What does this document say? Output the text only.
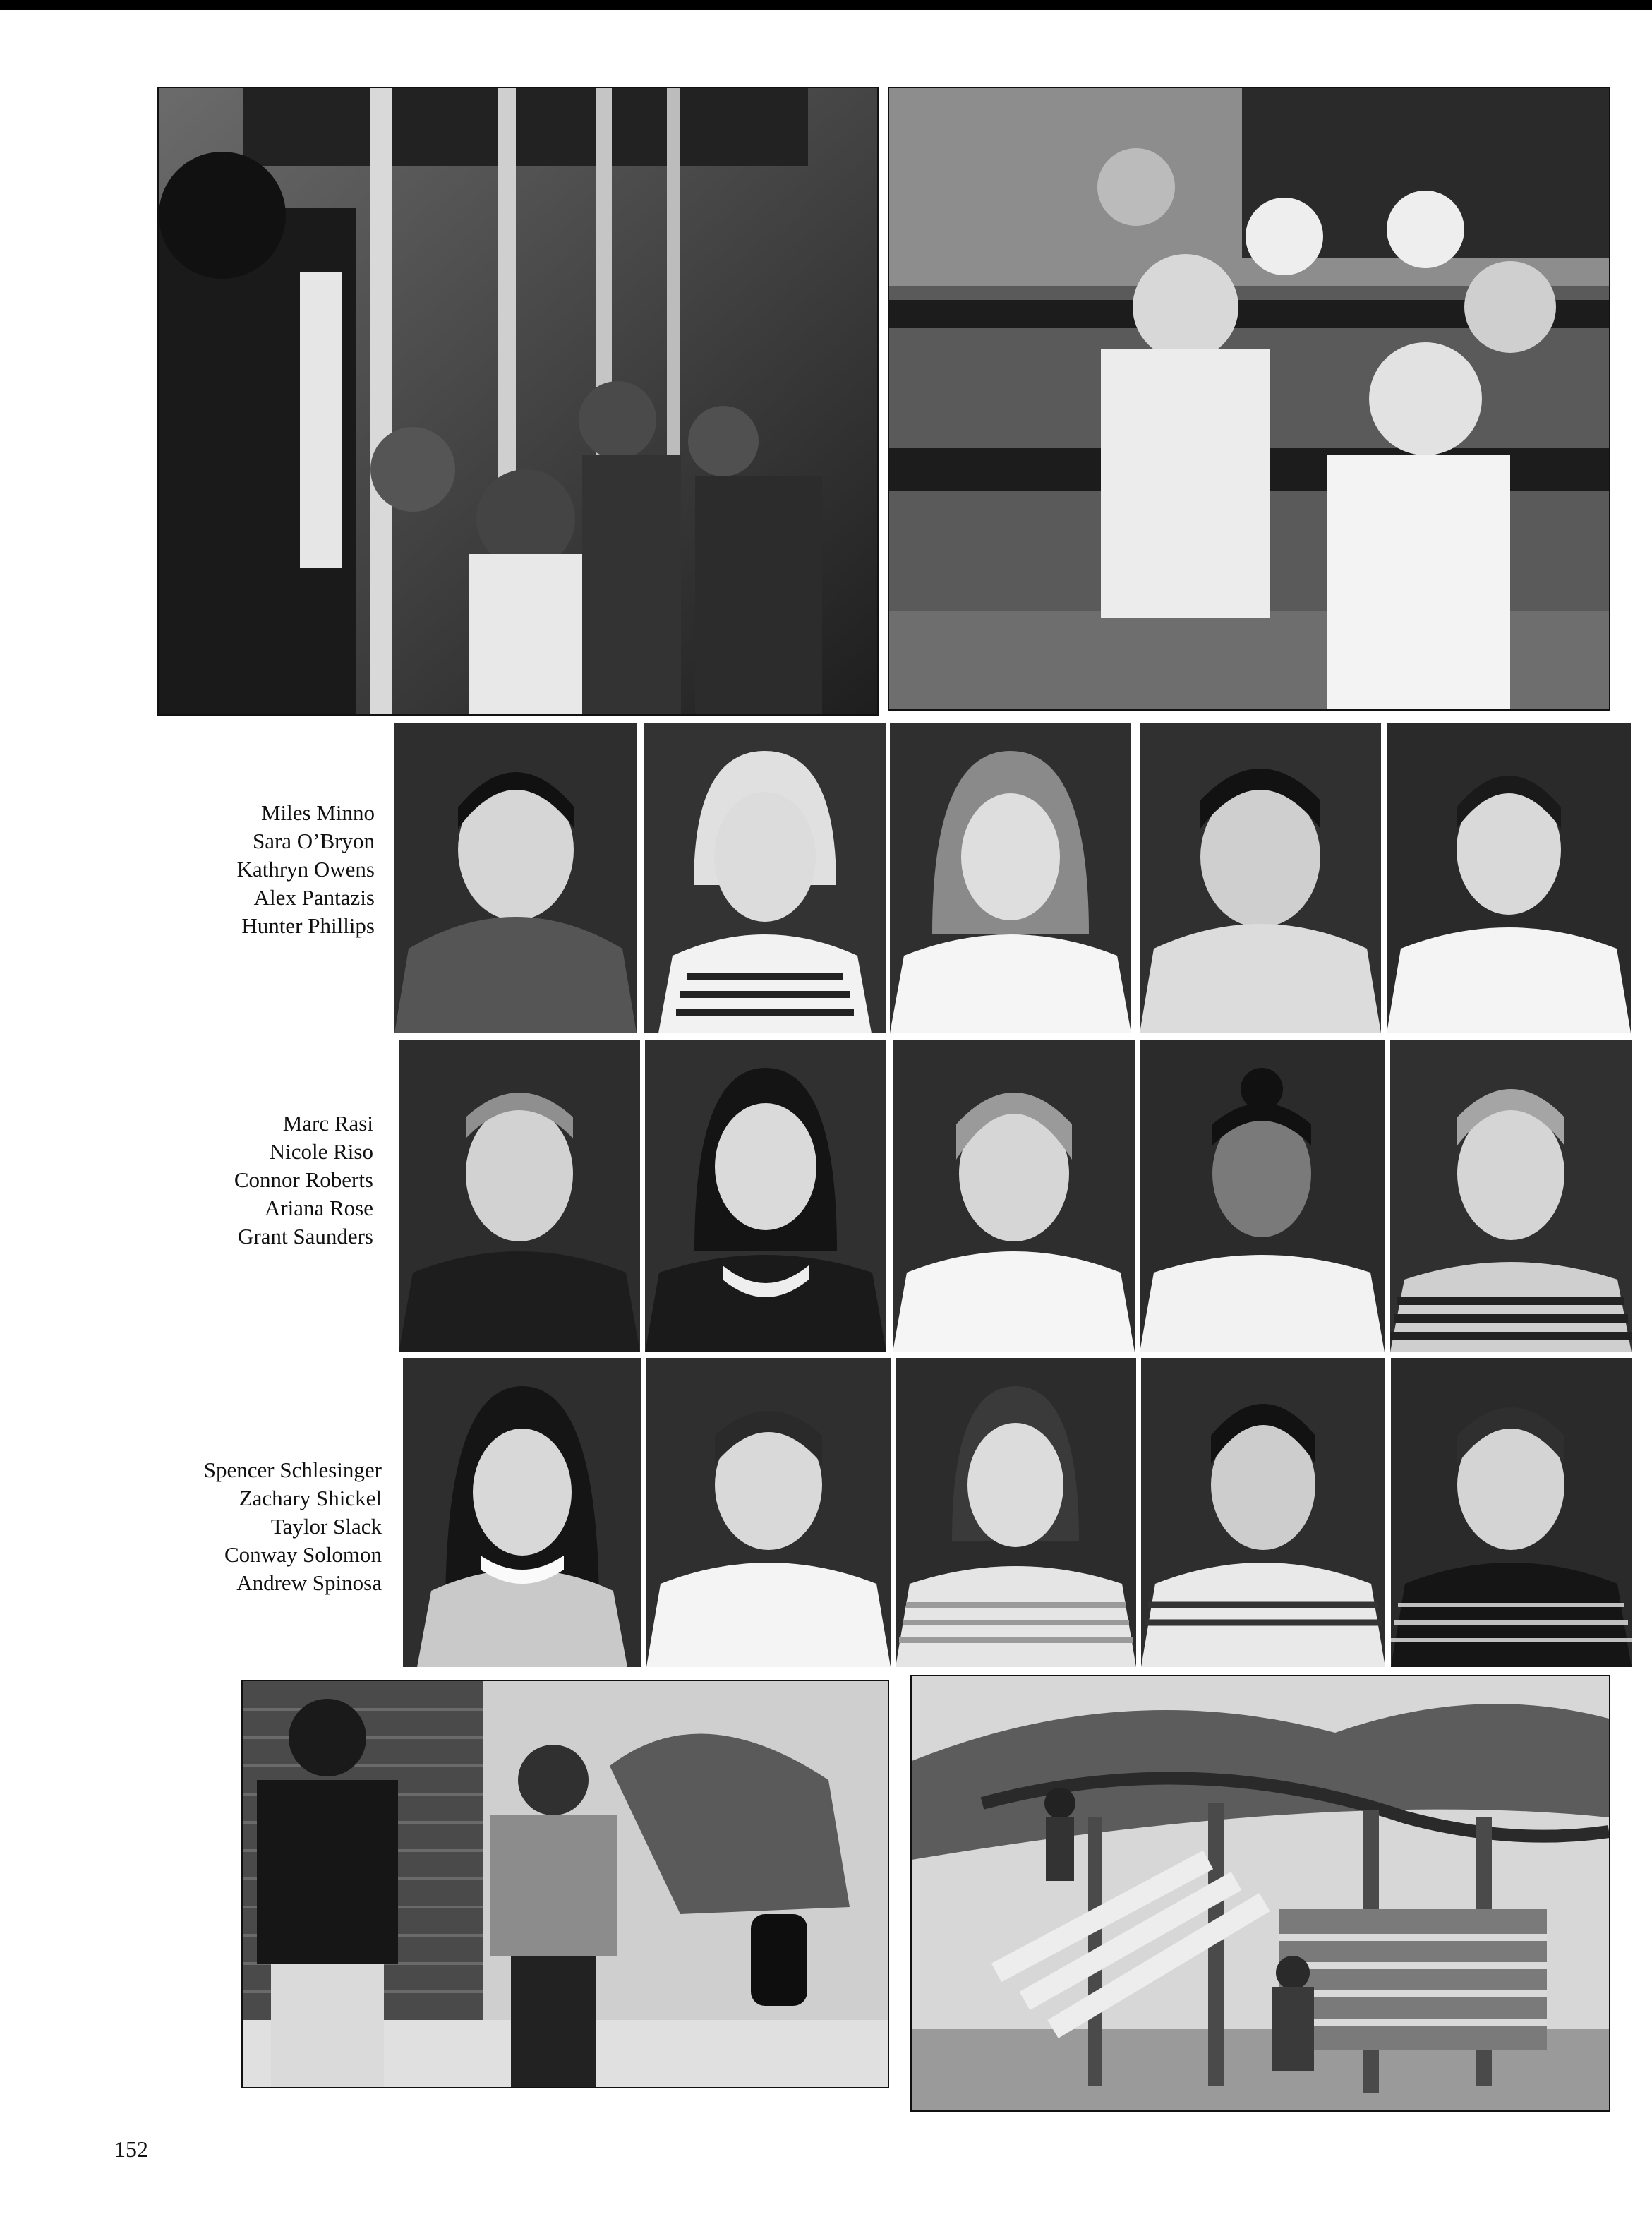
Miles Minno
Sara O’Bryon
Kathryn Owens
Alex Pantazis
Hunter Phillips
Marc Rasi
Nicole Riso
Connor Roberts
Ariana Rose
Grant Saunders
Spencer Schlesinger
Zachary Shickel
Taylor Slack
Conway Solomon
Andrew Spinosa
152
